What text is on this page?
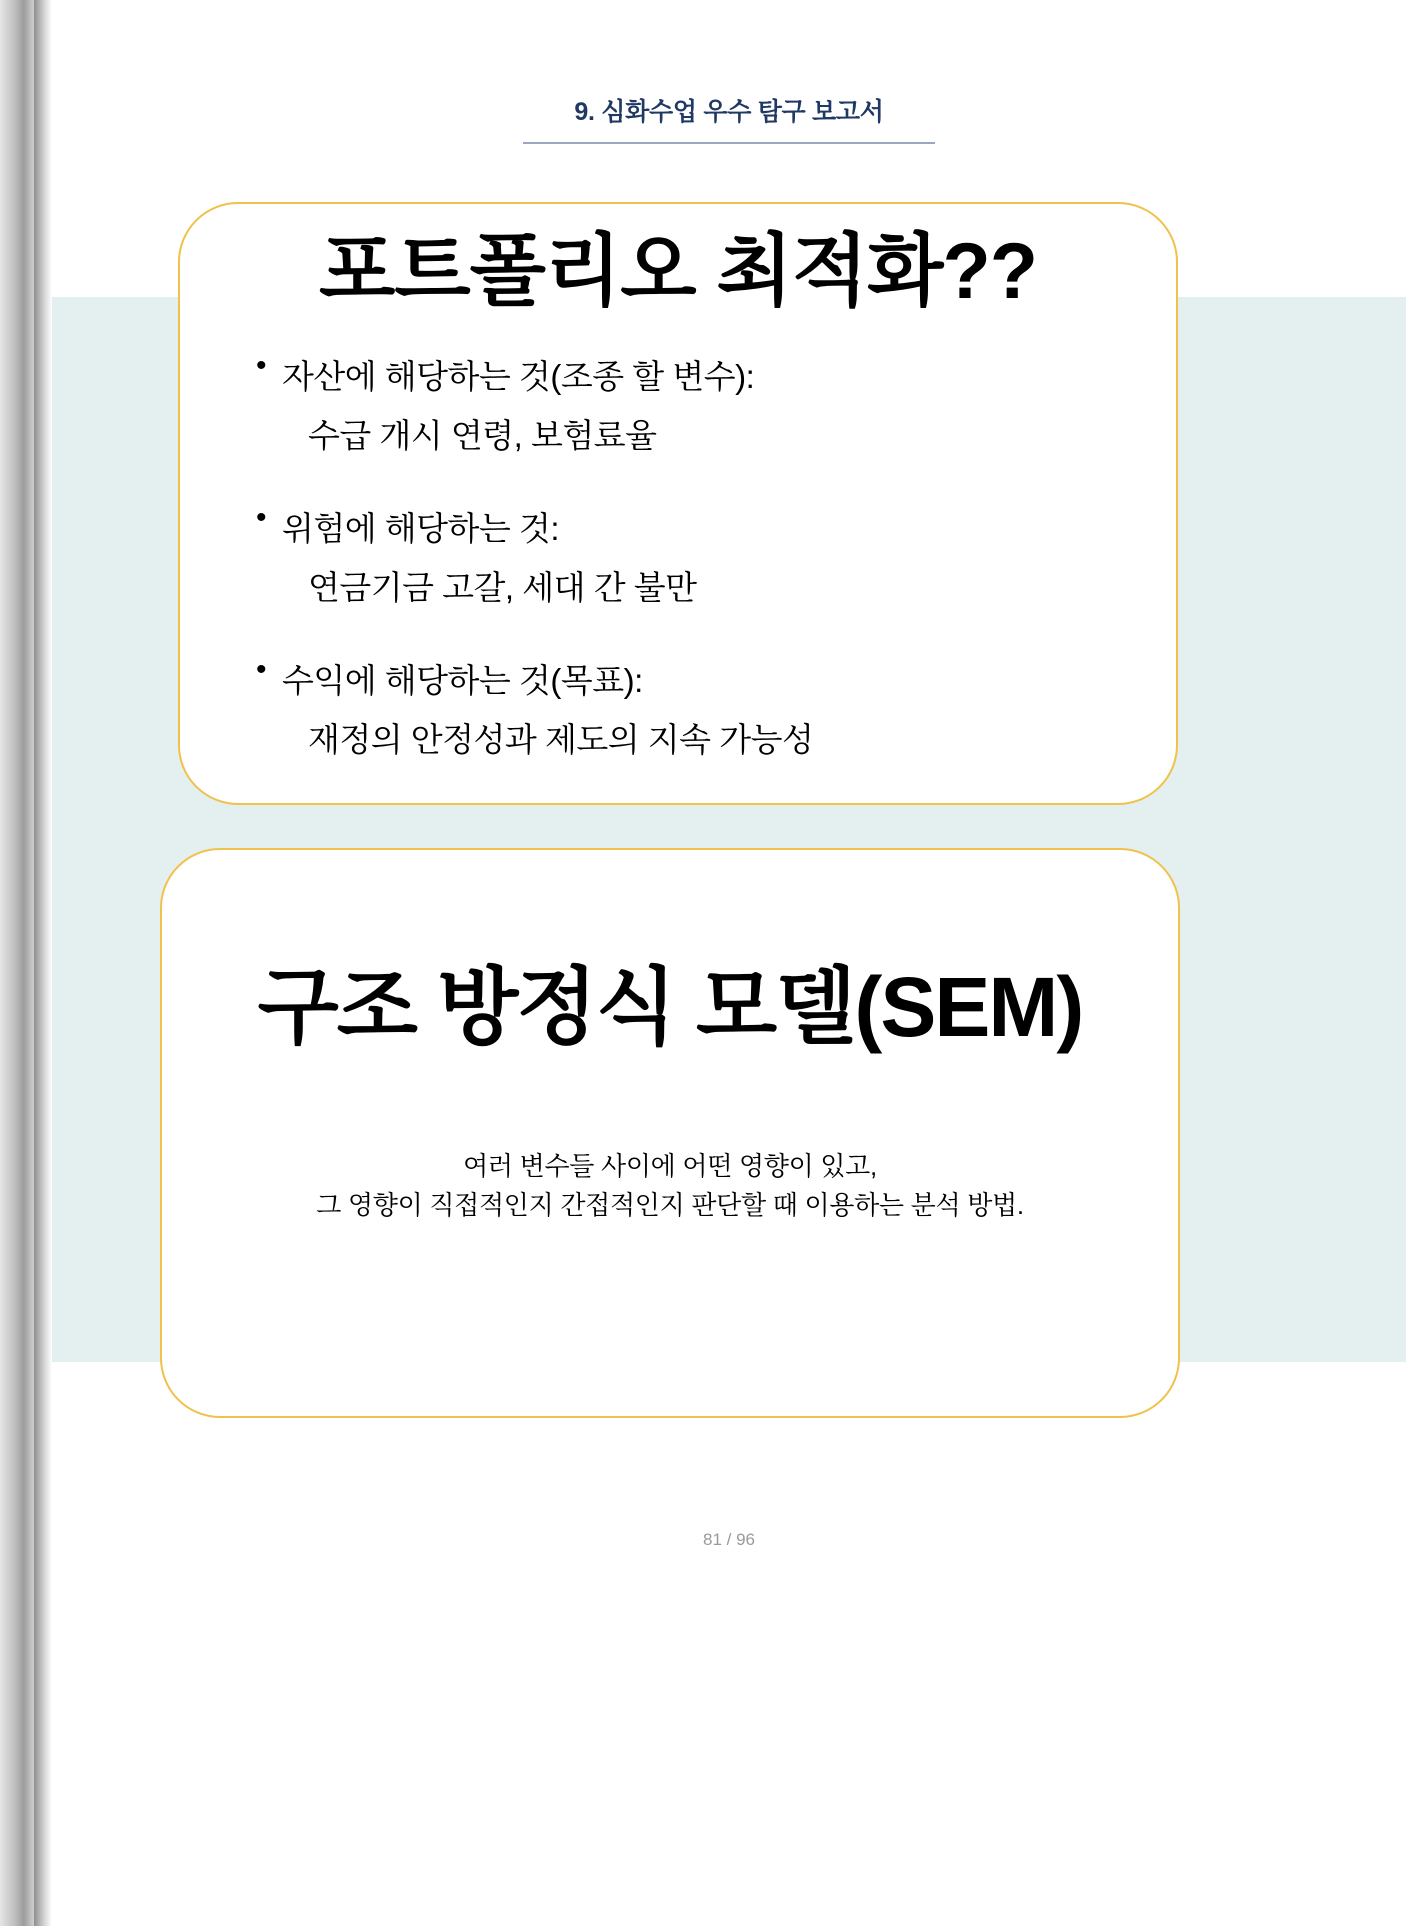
9. 심화수업 우수 탐구 보고서
포트폴리오 최적화??
• 자산에 해당하는 것(조종 할 변수):
수급 개시 연령, 보험료율
• 위험에 해당하는 것:
연금기금 고갈, 세대 간 불만
• 수익에 해당하는 것(목표):
재정의 안정성과 제도의 지속 가능성
구조 방정식 모델(SEM)
여러 변수들 사이에 어떤 영향이 있고,
그 영향이 직접적인지 간접적인지 판단할 때 이용하는 분석 방법.
81 / 96
